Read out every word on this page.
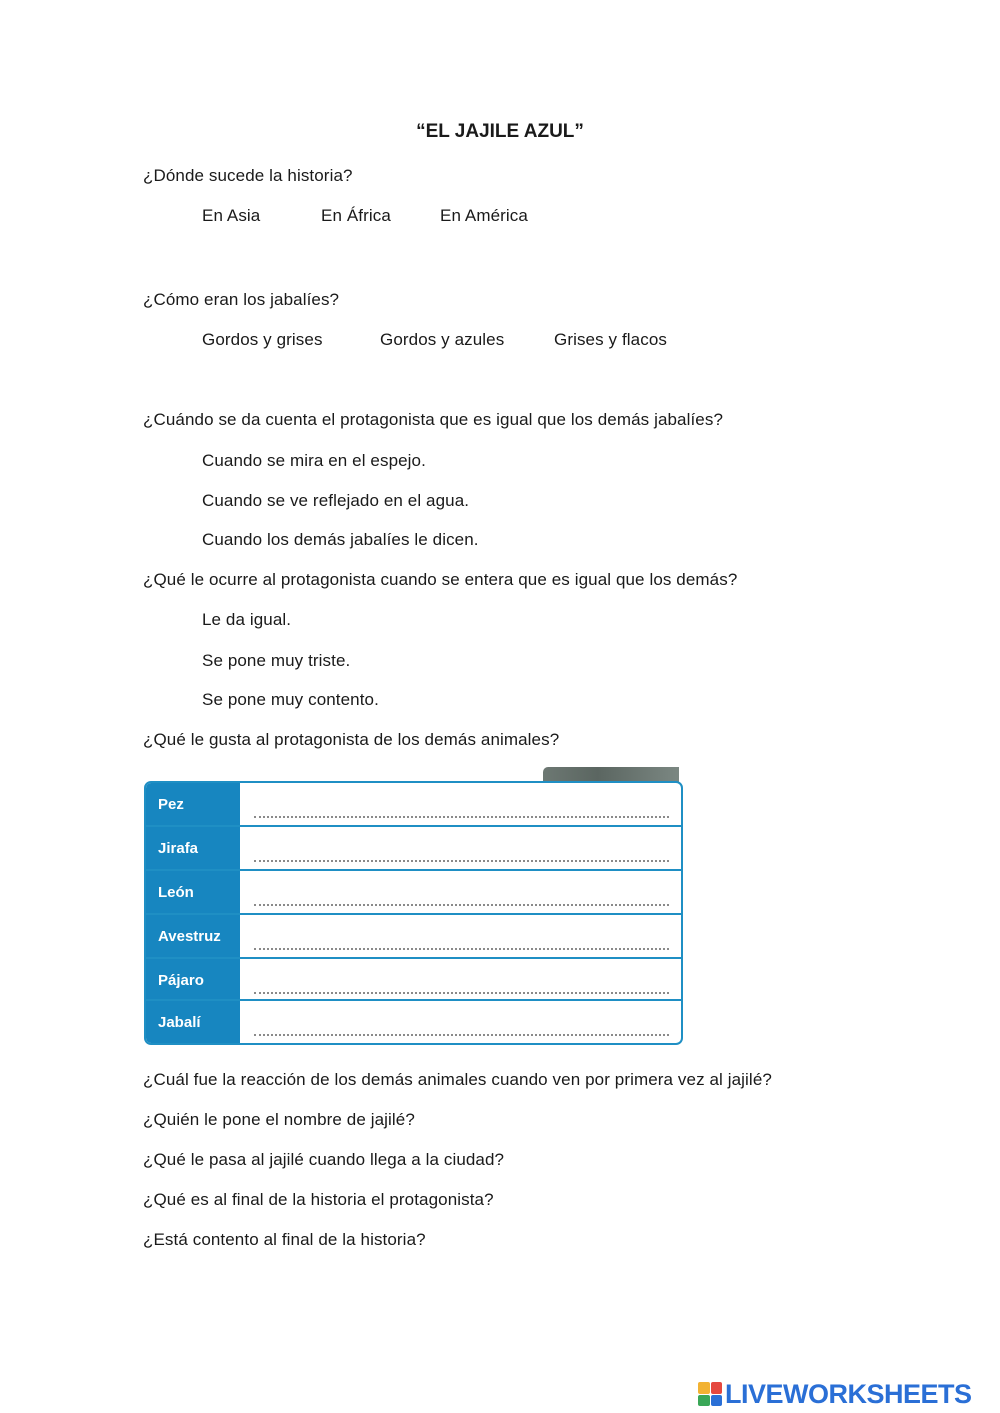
“EL JAJILE AZUL”
¿Dónde sucede la historia?
En Asia	En África	En América
¿Cómo eran los jabalíes?
Gordos y grises	Gordos y azules	Grises y flacos
¿Cuándo se da cuenta el protagonista que es igual que los demás jabalíes?
Cuando se mira en el espejo.
Cuando se ve reflejado en el agua.
Cuando los demás jabalíes le dicen.
¿Qué le ocurre al protagonista cuando se entera que es igual que los demás?
Le da igual.
Se pone muy triste.
Se pone muy contento.
¿Qué le gusta al protagonista de los demás animales?
Pez
Jirafa
León
Avestruz
Pájaro
Jabalí
¿Cuál fue la reacción de los demás animales cuando ven por primera vez al jajilé?
¿Quién le pone el nombre de jajilé?
¿Qué le pasa al jajilé cuando llega a la ciudad?
¿Qué es al final de la historia el protagonista?
¿Está contento al final de la historia?
LIVEWORKSHEETS
